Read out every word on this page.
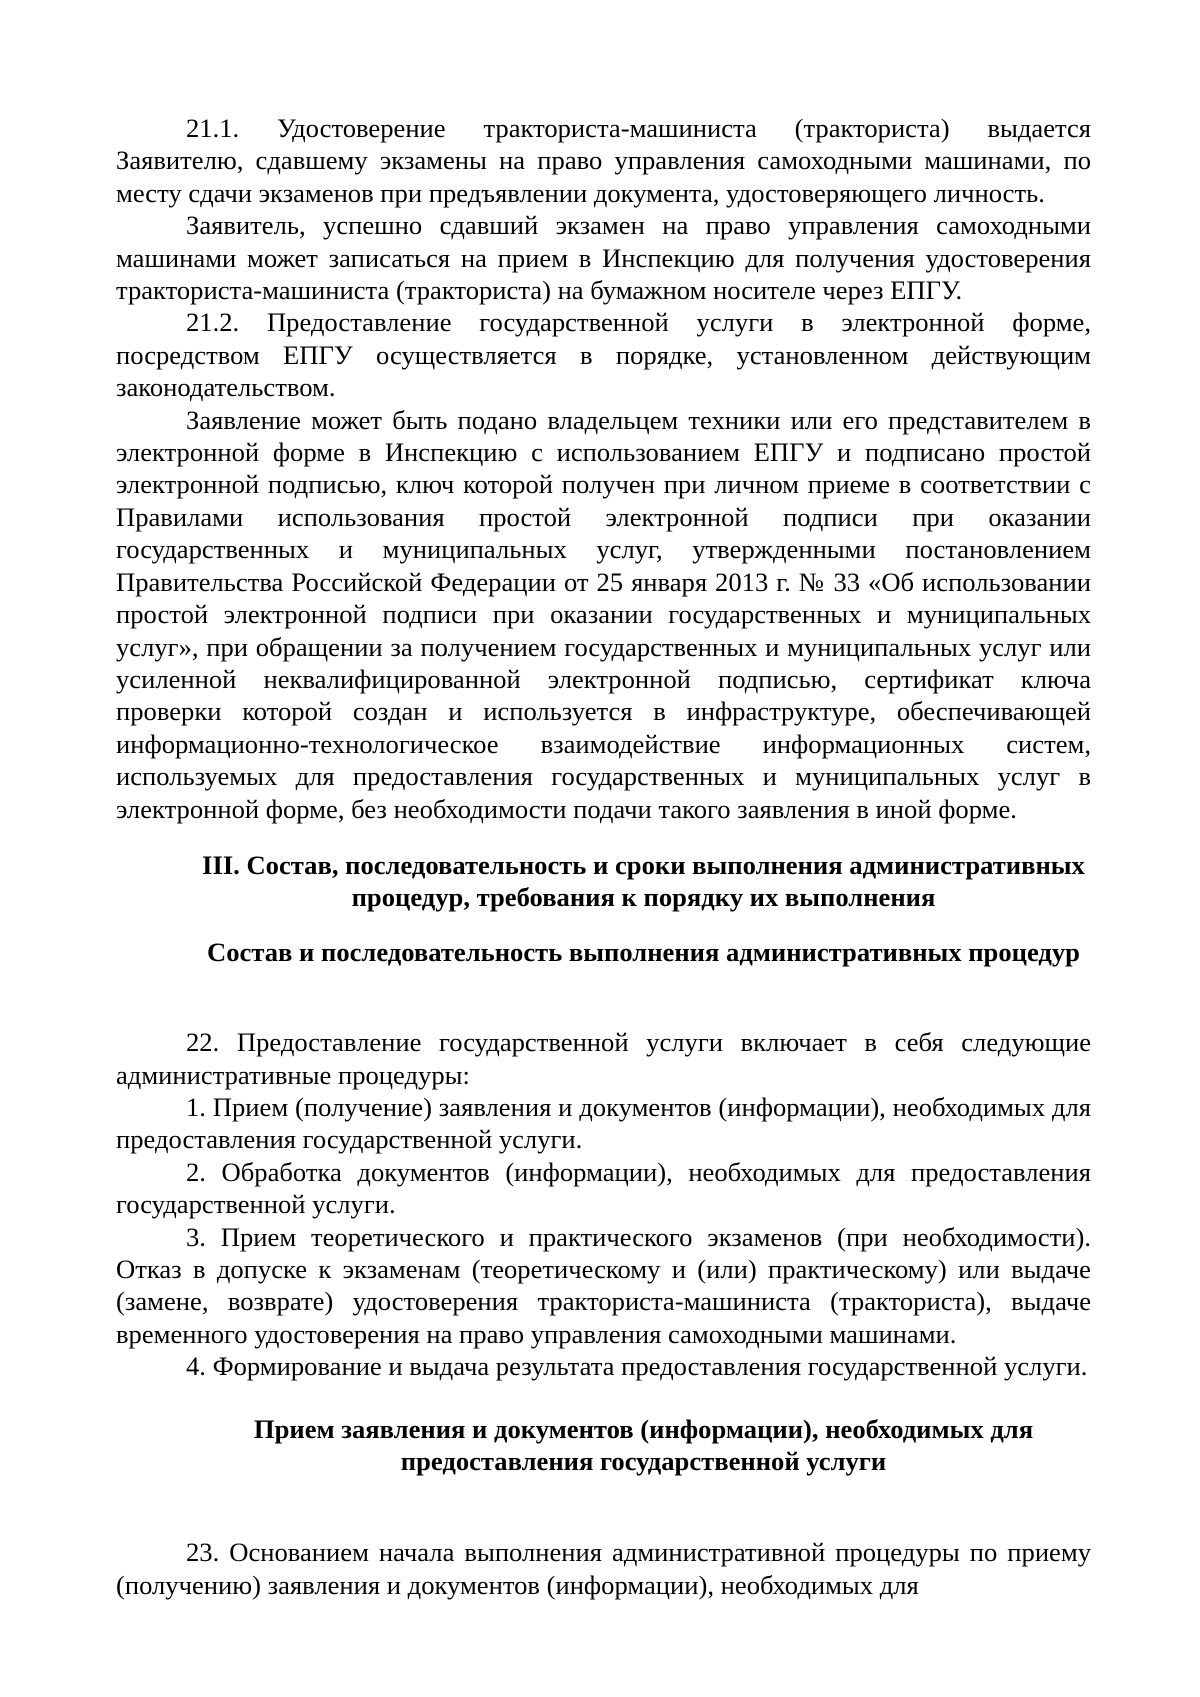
21.1. Удостоверение тракториста-машиниста (тракториста) выдается Заявителю, сдавшему экзамены на право управления самоходными машинами, по месту сдачи экзаменов при предъявлении документа, удостоверяющего личность.

Заявитель, успешно сдавший экзамен на право управления самоходными машинами может записаться на прием в Инспекцию для получения удостоверения тракториста-машиниста (тракториста) на бумажном носителе через ЕПГУ.

21.2. Предоставление государственной услуги в электронной форме, посредством ЕПГУ осуществляется в порядке, установленном действующим законодательством.

Заявление может быть подано владельцем техники или его представителем в электронной форме в Инспекцию с использованием ЕПГУ и подписано простой электронной подписью, ключ которой получен при личном приеме в соответствии с Правилами использования простой электронной подписи при оказании государственных и муниципальных услуг, утвержденными постановлением Правительства Российской Федерации от 25 января 2013 г. № 33 «Об использовании простой электронной подписи при оказании государственных и муниципальных услуг», при обращении за получением государственных и муниципальных услуг или усиленной неквалифицированной электронной подписью, сертификат ключа проверки которой создан и используется в инфраструктуре, обеспечивающей информационно-технологическое взаимодействие информационных систем, используемых для предоставления государственных и муниципальных услуг в электронной форме, без необходимости подачи такого заявления в иной форме.

III. Состав, последовательность и сроки выполнения административных
процедур, требования к порядку их выполнения
Состав и последовательность выполнения административных процедур

22. Предоставление государственной услуги включает в себя следующие административные процедуры:

1. Прием (получение) заявления и документов (информации), необходимых для предоставления государственной услуги.

2. Обработка документов (информации), необходимых для предоставления государственной услуги.

3. Прием теоретического и практического экзаменов (при необходимости). Отказ в допуске к экзаменам (теоретическому и (или) практическому) или выдаче (замене, возврате) удостоверения тракториста-машиниста (тракториста), выдаче временного удостоверения на право управления самоходными машинами.

4. Формирование и выдача результата предоставления государственной услуги.

Прием заявления и документов (информации), необходимых для
предоставления государственной услуги

23. Основанием начала выполнения административной процедуры по приему (получению) заявления и документов (информации), необходимых для
